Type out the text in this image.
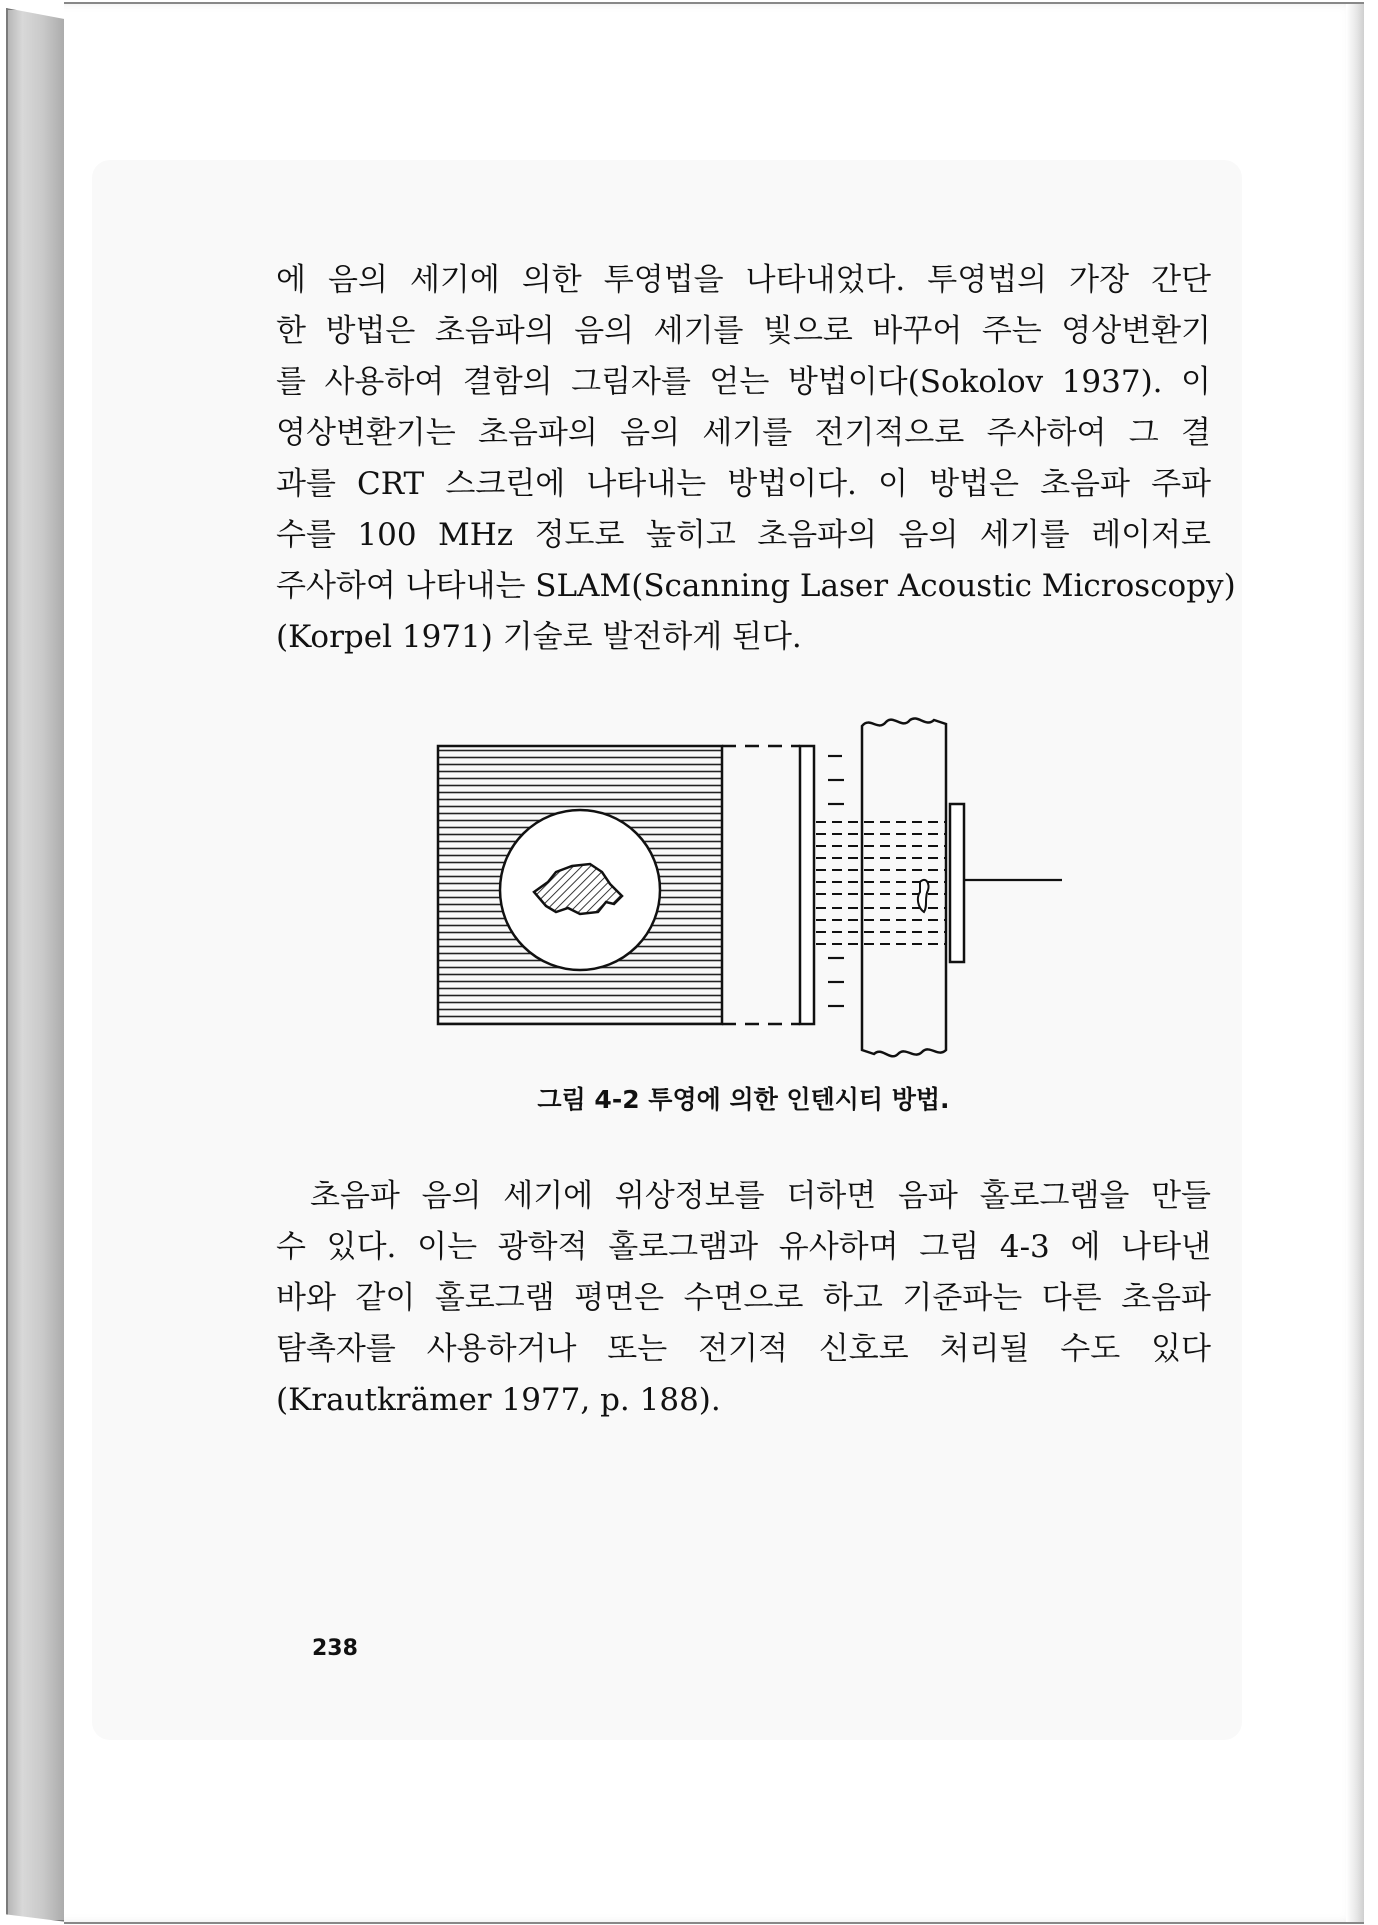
에 음의 세기에 의한 투영법을 나타내었다. 투영법의 가장 간단
한 방법은 초음파의 음의 세기를 빛으로 바꾸어 주는 영상변환기
를 사용하여 결함의 그림자를 얻는 방법이다(Sokolov 1937). 이
영상변환기는 초음파의 음의 세기를 전기적으로 주사하여 그 결
과를 CRT 스크린에 나타내는 방법이다. 이 방법은 초음파 주파
수를 100 MHz 정도로 높히고 초음파의 음의 세기를 레이저로
주사하여 나타내는 SLAM(Scanning Laser Acoustic Microscopy)
(Korpel 1971) 기술로 발전하게 된다.

그림 4-2 투영에 의한 인텐시티 방법.

초음파 음의 세기에 위상정보를 더하면 음파 홀로그램을 만들
수 있다. 이는 광학적 홀로그램과 유사하며 그림 4-3 에 나타낸
바와 같이 홀로그램 평면은 수면으로 하고 기준파는 다른 초음파
탐촉자를 사용하거나 또는 전기적 신호로 처리될 수도 있다
(Krautkrämer 1977, p. 188).

238
